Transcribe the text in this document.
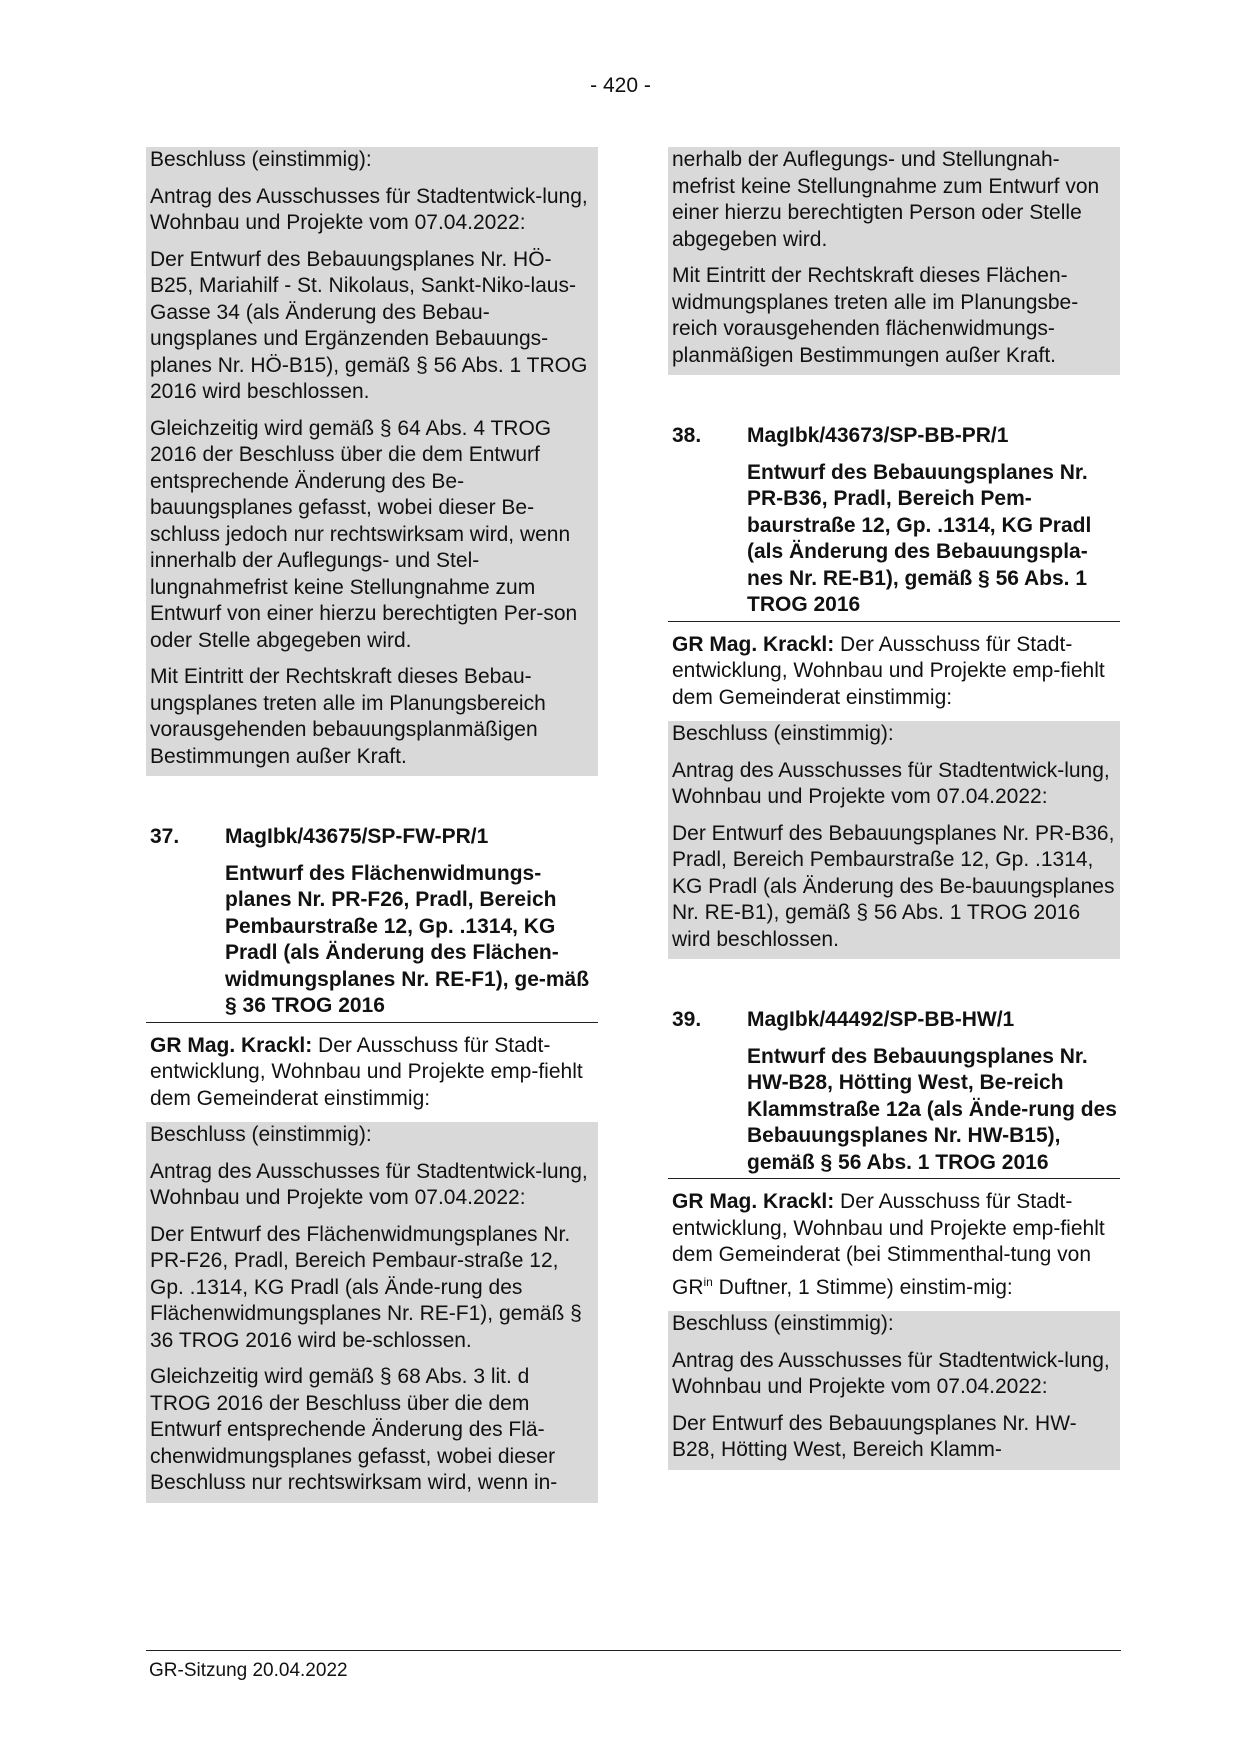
- 420 -

Beschluss (einstimmig):

Antrag des Ausschusses für Stadtentwick-lung, Wohnbau und Projekte vom 07.04.2022:

Der Entwurf des Bebauungsplanes Nr. HÖ-B25, Mariahilf - St. Nikolaus, Sankt-Niko-laus-Gasse 34 (als Änderung des Bebau-ungsplanes und Ergänzenden Bebauungs-planes Nr. HÖ-B15), gemäß § 56 Abs. 1 TROG 2016 wird beschlossen.

Gleichzeitig wird gemäß § 64 Abs. 4 TROG 2016 der Beschluss über die dem Entwurf entsprechende Änderung des Be-bauungsplanes gefasst, wobei dieser Be-schluss jedoch nur rechtswirksam wird, wenn innerhalb der Auflegungs- und Stel-lungnahmefrist keine Stellungnahme zum Entwurf von einer hierzu berechtigten Per-son oder Stelle abgegeben wird.

Mit Eintritt der Rechtskraft dieses Bebau-ungsplanes treten alle im Planungsbereich vorausgehenden bebauungsplanmäßigen Bestimmungen außer Kraft.

37.	MagIbk/43675/SP-FW-PR/1
Entwurf des Flächenwidmungs-planes Nr. PR-F26, Pradl, Bereich Pembaurstraße 12, Gp. .1314, KG Pradl (als Änderung des Flächen-widmungsplanes Nr. RE-F1), ge-mäß § 36 TROG 2016
GR Mag. Krackl: Der Ausschuss für Stadt-entwicklung, Wohnbau und Projekte emp-fiehlt dem Gemeinderat einstimmig:

Beschluss (einstimmig):

Antrag des Ausschusses für Stadtentwick-lung, Wohnbau und Projekte vom 07.04.2022:

Der Entwurf des Flächenwidmungsplanes Nr. PR-F26, Pradl, Bereich Pembaur-straße 12, Gp. .1314, KG Pradl (als Ände-rung des Flächenwidmungsplanes Nr. RE-F1), gemäß § 36 TROG 2016 wird be-schlossen.

Gleichzeitig wird gemäß § 68 Abs. 3 lit. d TROG 2016 der Beschluss über die dem Entwurf entsprechende Änderung des Flä-chenwidmungsplanes gefasst, wobei dieser Beschluss nur rechtswirksam wird, wenn in-

nerhalb der Auflegungs- und Stellungnah-mefrist keine Stellungnahme zum Entwurf von einer hierzu berechtigten Person oder Stelle abgegeben wird.

Mit Eintritt der Rechtskraft dieses Flächen-widmungsplanes treten alle im Planungsbe-reich vorausgehenden flächenwidmungs-planmäßigen Bestimmungen außer Kraft.

38.	MagIbk/43673/SP-BB-PR/1
Entwurf des Bebauungsplanes Nr. PR-B36, Pradl, Bereich Pem-baurstraße 12, Gp. .1314, KG Pradl (als Änderung des Bebauungspla-nes Nr. RE-B1), gemäß § 56 Abs. 1 TROG 2016
GR Mag. Krackl: Der Ausschuss für Stadt-entwicklung, Wohnbau und Projekte emp-fiehlt dem Gemeinderat einstimmig:

Beschluss (einstimmig):

Antrag des Ausschusses für Stadtentwick-lung, Wohnbau und Projekte vom 07.04.2022:

Der Entwurf des Bebauungsplanes Nr. PR-B36, Pradl, Bereich Pembaurstraße 12, Gp. .1314, KG Pradl (als Änderung des Be-bauungsplanes Nr. RE-B1), gemäß § 56 Abs. 1 TROG 2016 wird beschlossen.

39.	MagIbk/44492/SP-BB-HW/1
Entwurf des Bebauungsplanes Nr. HW-B28, Hötting West, Be-reich Klammstraße 12a (als Ände-rung des Bebauungsplanes Nr. HW-B15), gemäß § 56 Abs. 1 TROG 2016
GR Mag. Krackl: Der Ausschuss für Stadt-entwicklung, Wohnbau und Projekte emp-fiehlt dem Gemeinderat (bei Stimmenthal-tung von $GR^{in}$ Duftner, 1 Stimme) einstim-mig:

Beschluss (einstimmig):

Antrag des Ausschusses für Stadtentwick-lung, Wohnbau und Projekte vom 07.04.2022:

Der Entwurf des Bebauungsplanes Nr. HW-B28, Hötting West, Bereich Klamm-

GR-Sitzung 20.04.2022
